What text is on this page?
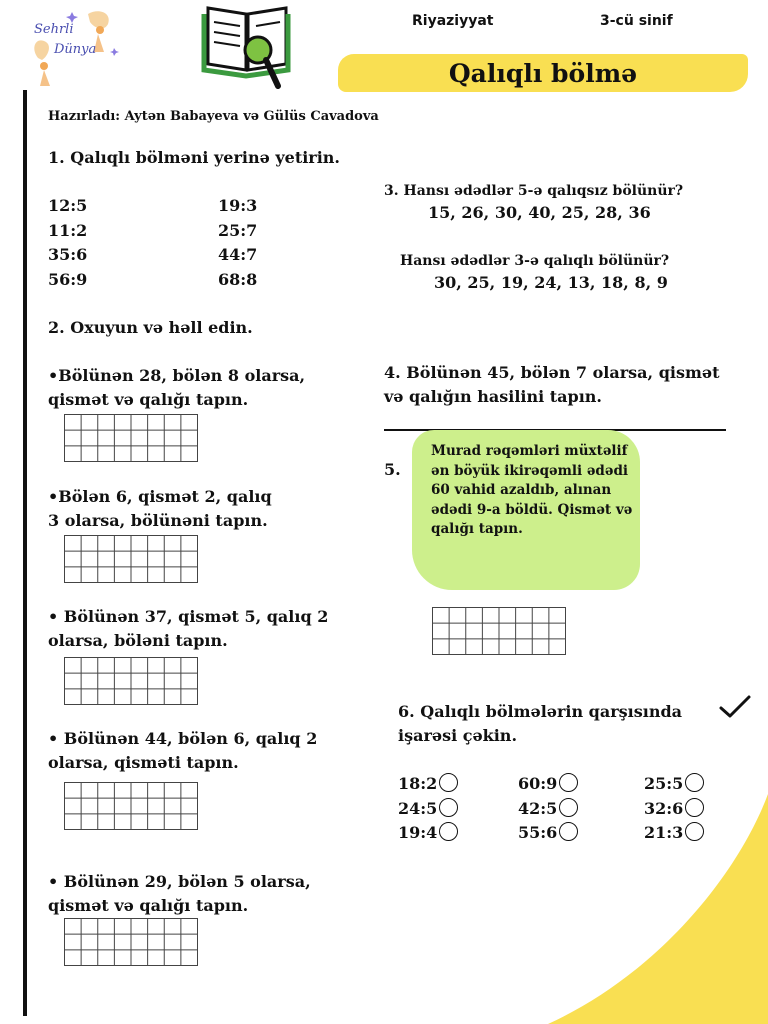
Sehrli
Dünya
Riyaziyyat	3-cü sinif
Qalıqlı bölmə
Hazırladı: Aytən Babayeva və Gülüs Cavadova
1. Qalıqlı bölməni yerinə yetirin.
12:5
11:2
35:6
56:9
19:3
25:7
44:7
68:8
2. Oxuyun və həll edin.
•Bölünən 28, bölən 8 olarsa,
qismət və qalığı tapın.
•Bölən 6, qismət 2, qalıq
3 olarsa, bölünəni tapın.
• Bölünən 37, qismət 5, qalıq 2
olarsa, böləni tapın.
• Bölünən 44, bölən 6, qalıq 2
olarsa, qisməti tapın.
• Bölünən 29, bölən 5 olarsa,
qismət və qalığı tapın.
3. Hansı ədədlər 5-ə qalıqsız bölünür?
15, 26, 30, 40, 25, 28, 36
Hansı ədədlər 3-ə qalıqlı bölünür?
30, 25, 19, 24, 13, 18, 8, 9
4. Bölünən 45, bölən 7 olarsa, qismət
və qalığın hasilini tapın.
5.
Murad rəqəmləri müxtəlif ən böyük ikirəqəmli ədədi 60 vahid azaldıb, alınan ədədi 9-a böldü. Qismət və qalığı tapın.
6. Qalıqlı bölmələrin qarşısında
işarəsi çəkin.
18:2
24:5
19:4
60:9
42:5
55:6
25:5
32:6
21:3
